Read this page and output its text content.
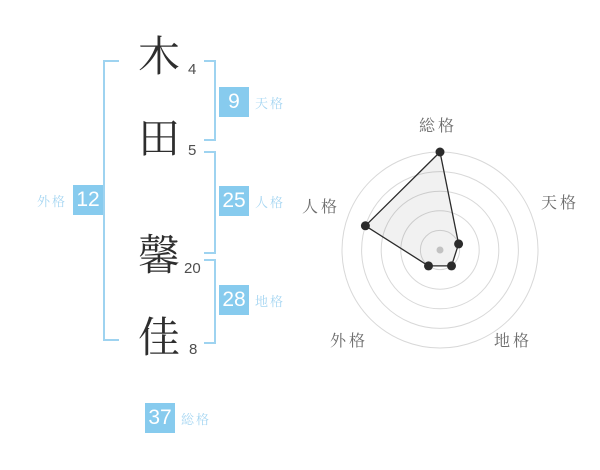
木
田
馨
佳
4
5
20
8
9	天格
25 人格
28 地格
外格 12
37 総格
総格
天格
地格
外格
人格
